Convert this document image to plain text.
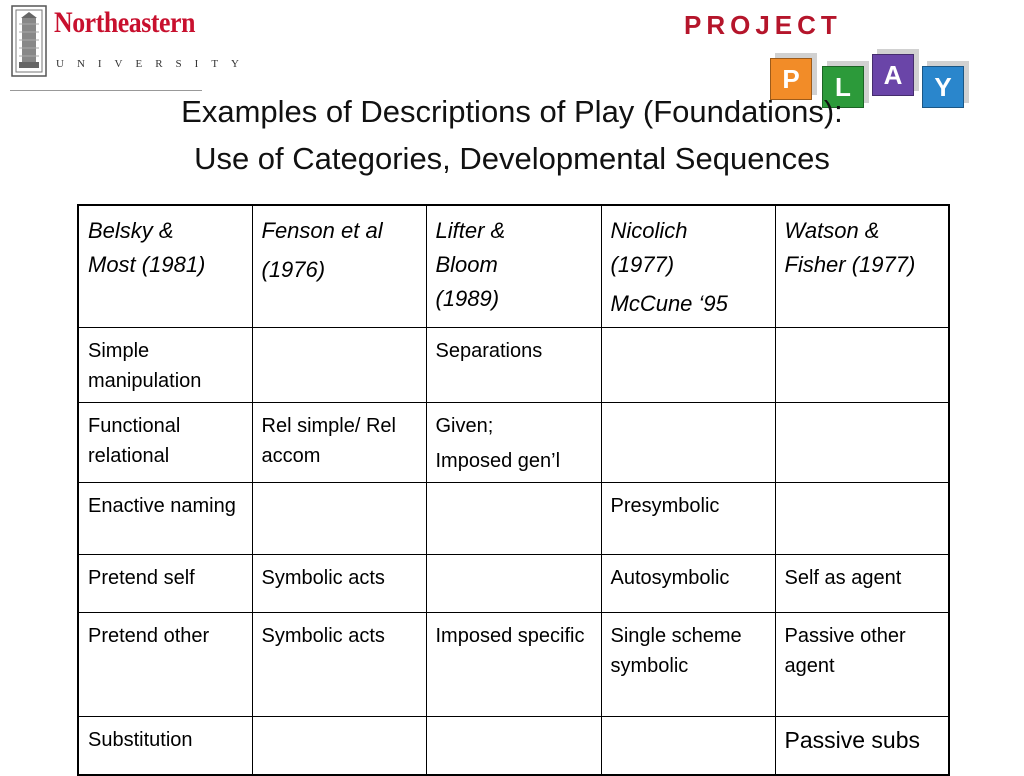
Northeastern
UNIVERSITY
PROJECT
P	L	A	Y
Examples of Descriptions of Play (Foundations):
Use of Categories, Developmental Sequences
Belsky &
Most (1981)	Fenson et al
(1976)	Lifter &
Bloom
(1989)	Nicolich
(1977)
McCune ‘95	Watson &
Fisher (1977)
Simple manipulation		Separations		
Functional relational	Rel simple/ Rel accom	Given;
Imposed gen’l		

Enactive naming			Presymbolic	
Pretend self	Symbolic acts		Autosymbolic	Self as agent
Pretend other	Symbolic acts	Imposed specific	Single scheme symbolic	Passive other agent
Substitution				Passive subs
